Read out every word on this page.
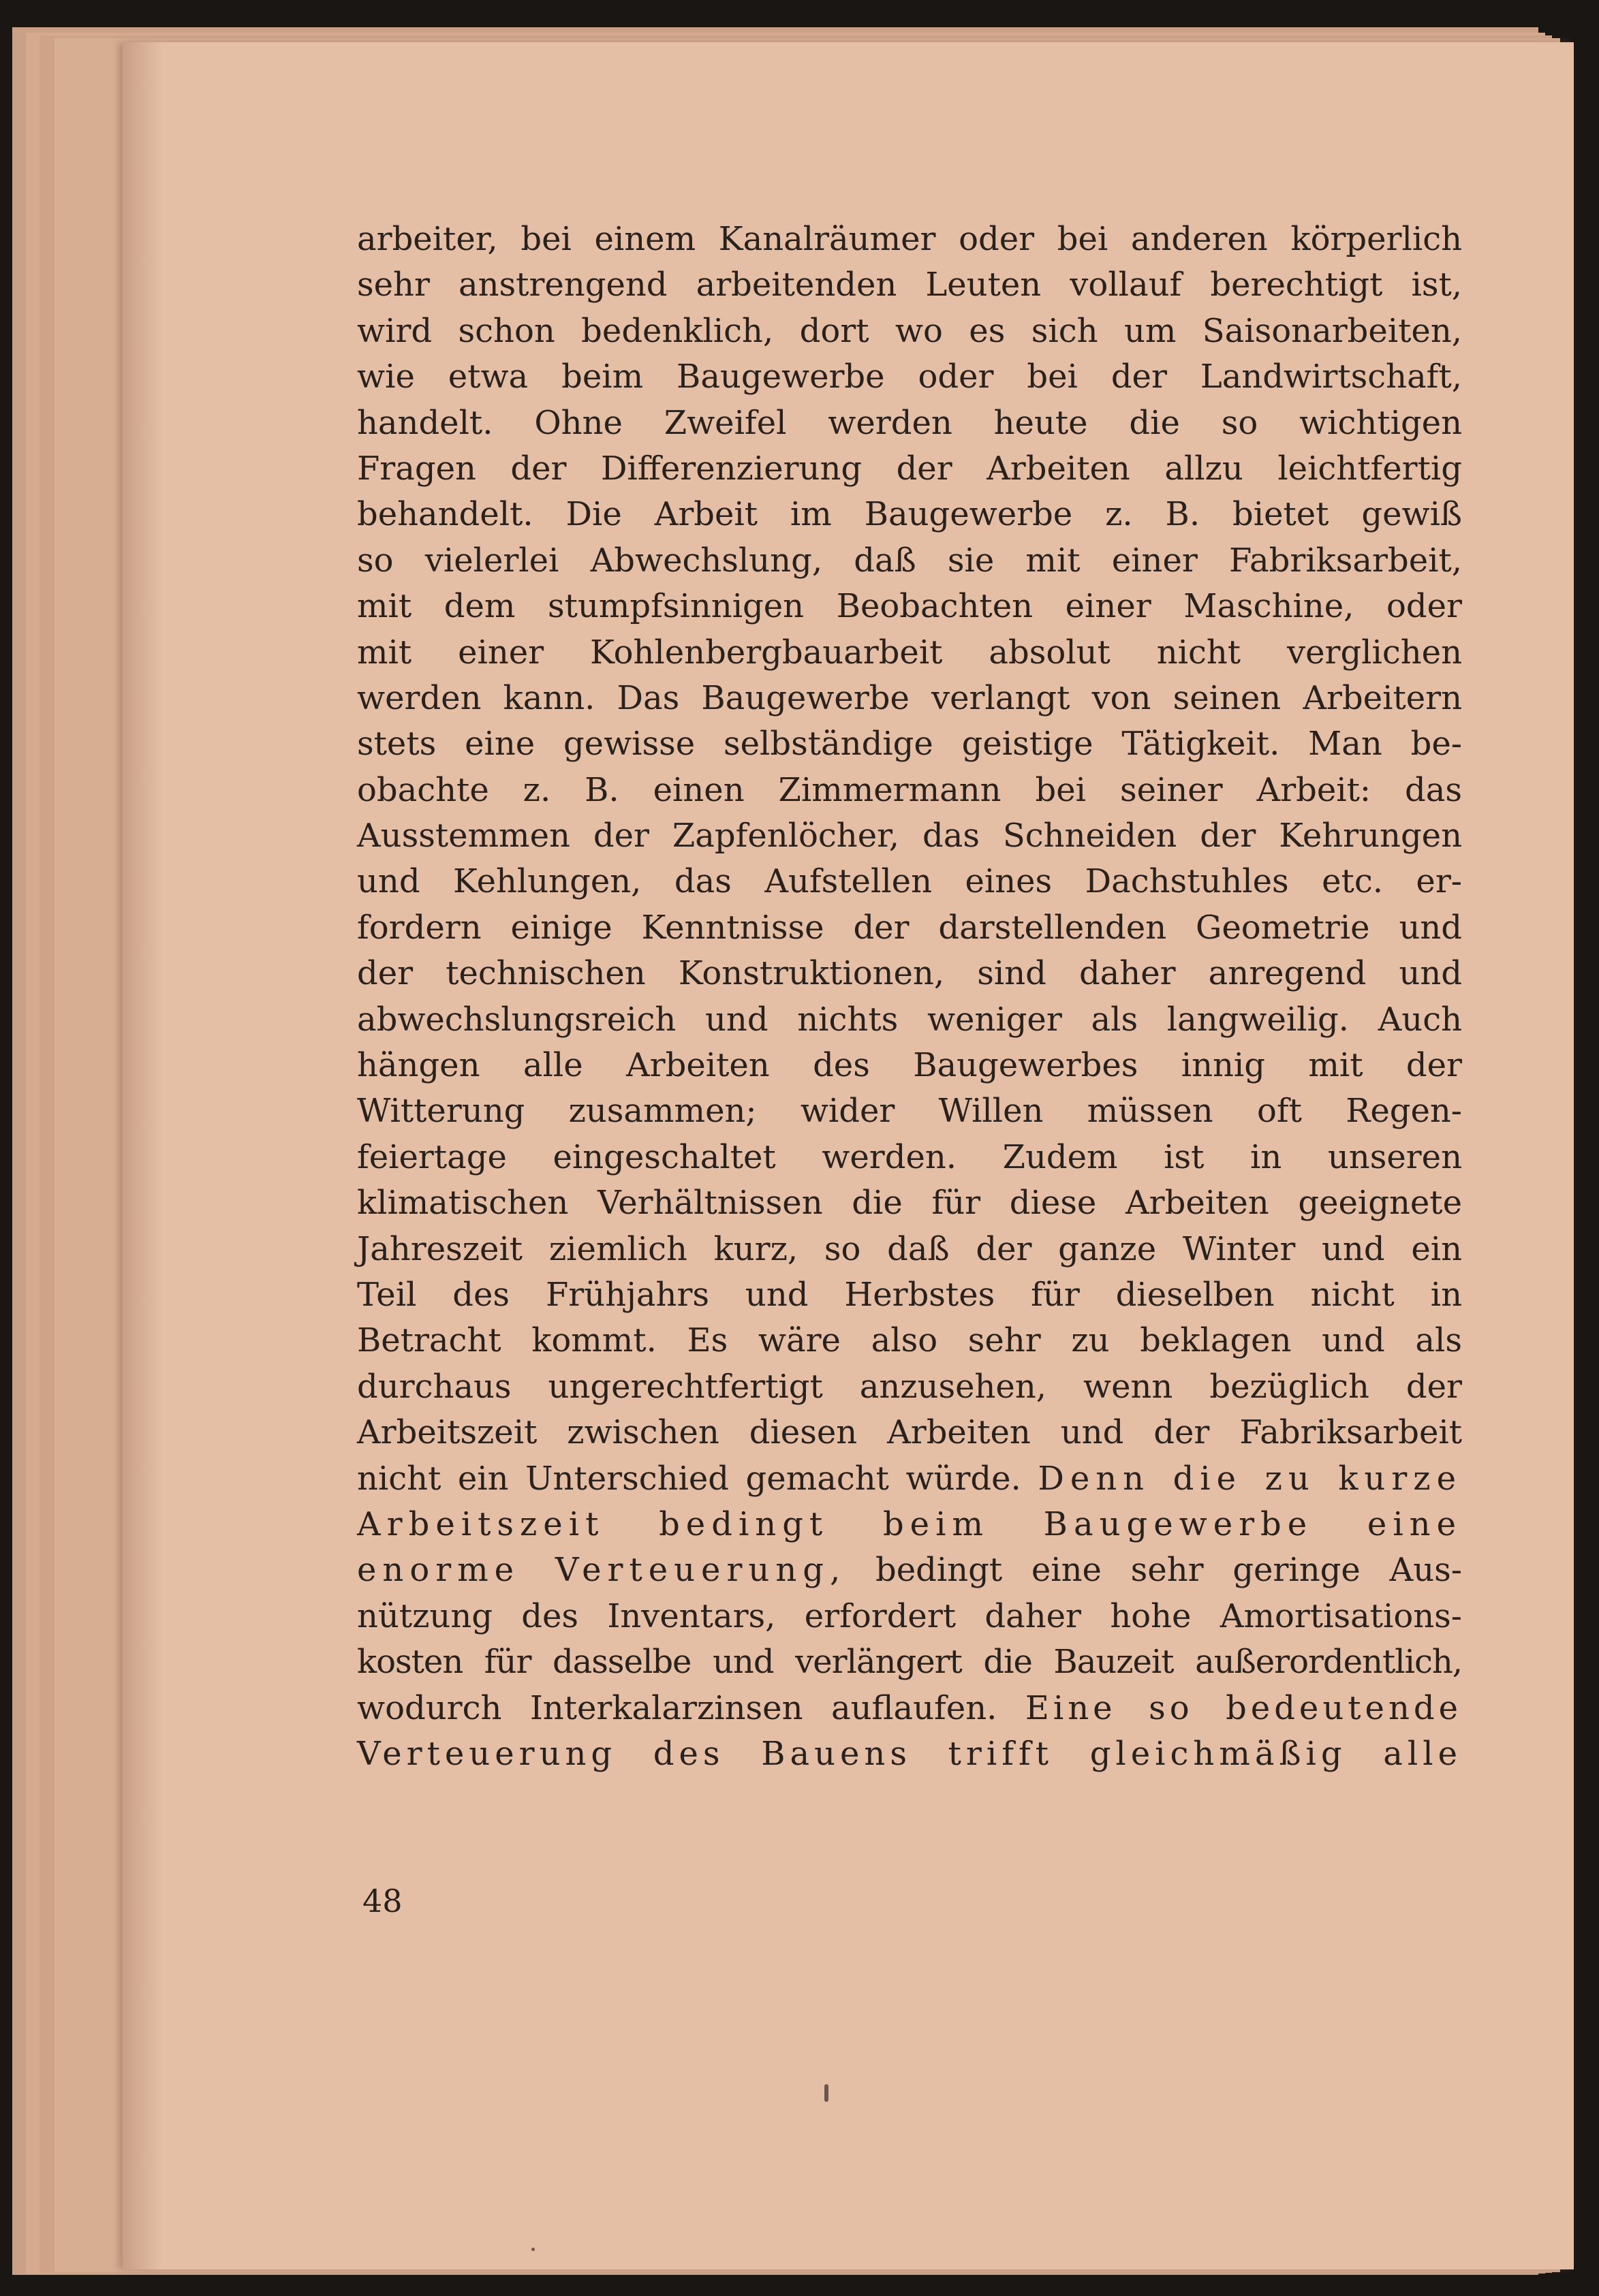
arbeiter, bei einem Kanalräumer oder bei anderen körperlich
sehr anstrengend arbeitenden Leuten vollauf berechtigt ist,
wird schon bedenklich, dort wo es sich um Saisonarbeiten,
wie etwa beim Baugewerbe oder bei der Landwirtschaft,
handelt. Ohne Zweifel werden heute die so wichtigen
Fragen der Differenzierung der Arbeiten allzu leichtfertig
behandelt. Die Arbeit im Baugewerbe z. B. bietet gewiß
so vielerlei Abwechslung, daß sie mit einer Fabriksarbeit,
mit dem stumpfsinnigen Beobachten einer Maschine, oder
mit einer Kohlenbergbauarbeit absolut nicht verglichen
werden kann. Das Baugewerbe verlangt von seinen Arbeitern
stets eine gewisse selbständige geistige Tätigkeit. Man be-
obachte z. B. einen Zimmermann bei seiner Arbeit: das
Ausstemmen der Zapfenlöcher, das Schneiden der Kehrungen
und Kehlungen, das Aufstellen eines Dachstuhles etc. er-
fordern einige Kenntnisse der darstellenden Geometrie und
der technischen Konstruktionen, sind daher anregend und
abwechslungsreich und nichts weniger als langweilig. Auch
hängen alle Arbeiten des Baugewerbes innig mit der
Witterung zusammen; wider Willen müssen oft Regen-
feiertage eingeschaltet werden. Zudem ist in unseren
klimatischen Verhältnissen die für diese Arbeiten geeignete
Jahreszeit ziemlich kurz, so daß der ganze Winter und ein
Teil des Frühjahrs und Herbstes für dieselben nicht in
Betracht kommt. Es wäre also sehr zu beklagen und als
durchaus ungerechtfertigt anzusehen, wenn bezüglich der
Arbeitszeit zwischen diesen Arbeiten und der Fabriksarbeit
nicht ein Unterschied gemacht würde. Denn die zu kurze
Arbeitszeit bedingt beim Baugewerbe eine
enorme Verteuerung, bedingt eine sehr geringe Aus-
nützung des Inventars, erfordert daher hohe Amortisations-
kosten für dasselbe und verlängert die Bauzeit außerordentlich,
wodurch Interkalarzinsen auflaufen. Eine so bedeutende
Verteuerung des Bauens trifft gleichmäßig alle
48
